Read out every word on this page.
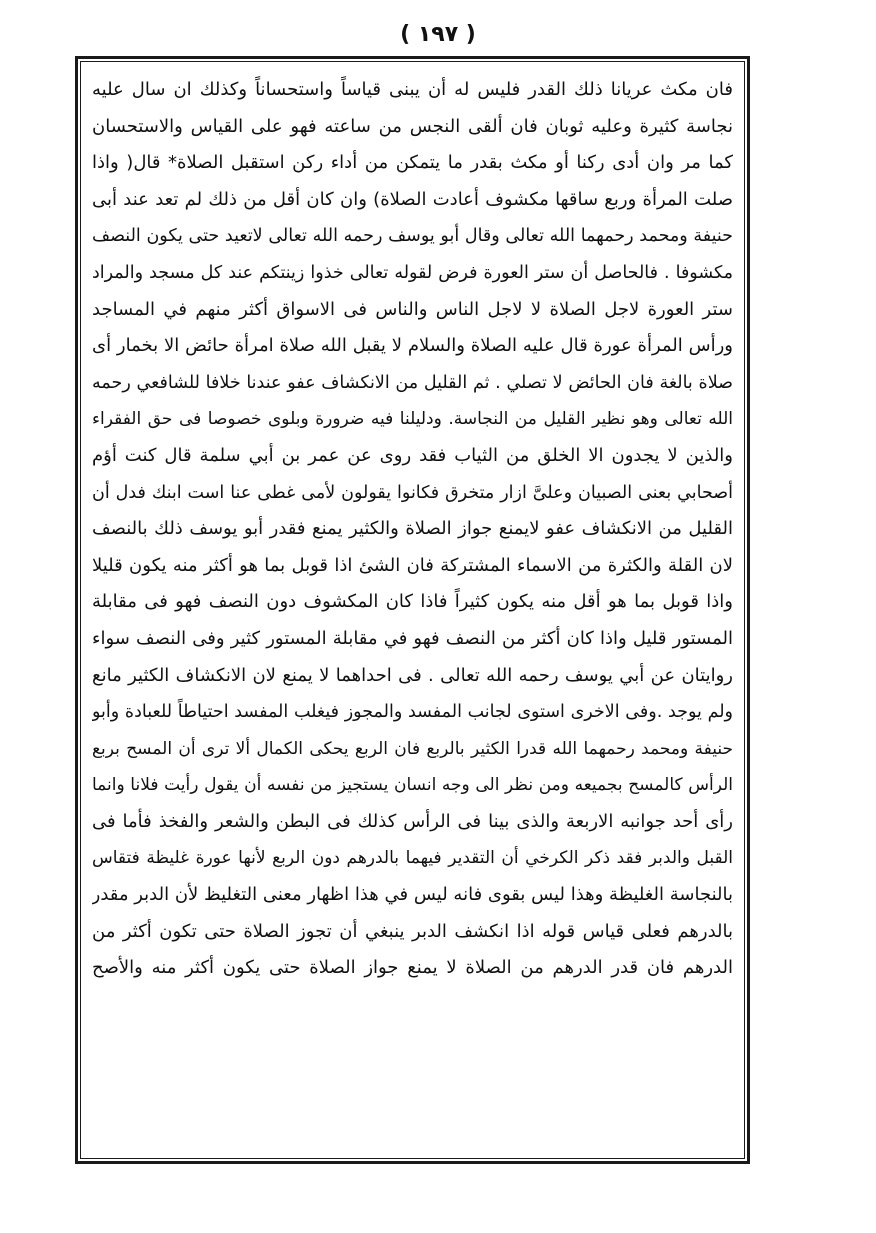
( ١٩٧ )
فان مكث عريانا ذلك القدر فليس له أن يبنى قياساً واستحساناً وكذلك ان سال عليه
نجاسة كثيرة وعليه ثوبان فان ألقى النجس من ساعته فهو على القياس والاستحسان
كما مر وان أدى ركنا أو مكث بقدر ما يتمكن من أداء ركن استقبل الصلاة* قال( واذا
صلت المرأة وربع ساقها مكشوف أعادت الصلاة) وان كان أقل من ذلك لم تعد عند أبى
حنيفة ومحمد رحمهما الله تعالى وقال أبو يوسف رحمه الله تعالى لاتعيد حتى يكون النصف
مكشوفا . فالحاصل أن ستر العورة فرض لقوله تعالى خذوا زينتكم عند كل مسجد والمراد
ستر العورة لاجل الصلاة لا لاجل الناس والناس فى الاسواق أكثر منهم في المساجد
ورأس المرأة عورة قال عليه الصلاة والسلام لا يقبل الله صلاة امرأة حائض الا بخمار أى
صلاة بالغة فان الحائض لا تصلي . ثم القليل من الانكشاف عفو عندنا خلافا للشافعي رحمه
الله تعالى وهو نظير القليل من النجاسة. ودليلنا فيه ضرورة وبلوى خصوصا فى حق الفقراء
والذين لا يجدون الا الخلق من الثياب فقد روى عن عمر بن أبي سلمة قال كنت أؤم
أصحابي بعنى الصبيان وعلىَّ ازار متخرق فكانوا يقولون لأمى غطى عنا است ابنك فدل أن
القليل من الانكشاف عفو لايمنع جواز الصلاة والكثير يمنع فقدر أبو يوسف ذلك بالنصف
لان القلة والكثرة من الاسماء المشتركة فان الشئ اذا قوبل بما هو أكثر منه يكون قليلا
واذا قوبل بما هو أقل منه يكون كثيراً فاذا كان المكشوف دون النصف فهو فى مقابلة
المستور قليل واذا كان أكثر من النصف فهو في مقابلة المستور كثير وفى النصف سواء
روايتان عن أبي يوسف رحمه الله تعالى . فى احداهما لا يمنع لان الانكشاف الكثير مانع
ولم يوجد .وفى الاخرى استوى لجانب المفسد والمجوز فيغلب المفسد احتياطاً للعبادة وأبو
حنيفة ومحمد رحمهما الله قدرا الكثير بالربع فان الربع يحكى الكمال ألا ترى أن المسح بربع
الرأس كالمسح بجميعه ومن نظر الى وجه انسان يستجيز من نفسه أن يقول رأيت فلانا وانما
رأى أحد جوانبه الاربعة والذى بينا فى الرأس كذلك فى البطن والشعر والفخذ فأما فى
القبل والدبر فقد ذكر الكرخي أن التقدير فيهما بالدرهم دون الربع لأنها عورة غليظة فتقاس
بالنجاسة الغليظة وهذا ليس بقوى فانه ليس في هذا اظهار معنى التغليظ لأن الدبر مقدر
بالدرهم فعلى قياس قوله اذا انكشف الدبر ينبغي أن تجوز الصلاة حتى تكون أكثر من
الدرهم فان قدر الدرهم من الصلاة لا يمنع جواز الصلاة حتى يكون أكثر منه والأصح
